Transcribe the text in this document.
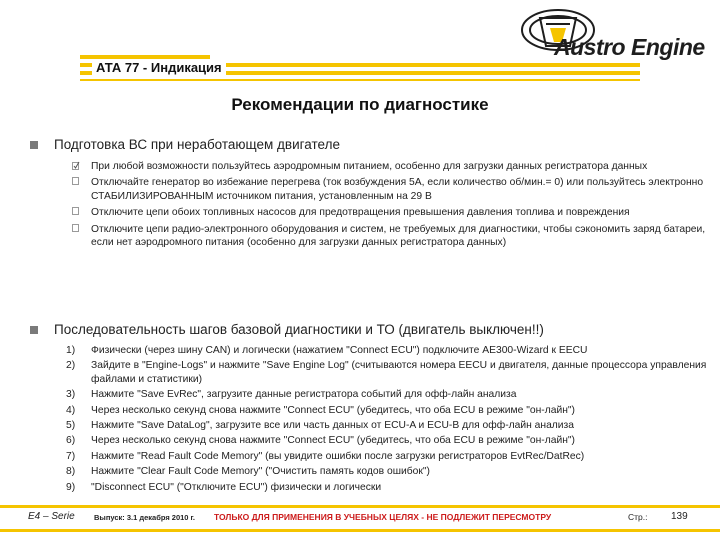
Austro Engine
АТА 77 - Индикация
Рекомендации по диагностике
Подготовка ВС при неработающем двигателе
При любой возможности пользуйтесь аэродромным питанием, особенно для загрузки данных регистратора данных
Отключайте генератор во избежание перегрева (ток возбуждения 5А, если количество об/мин.= 0) или пользуйтесь электронно СТАБИЛИЗИРОВАННЫМ источником питания, установленным на 29 В
Отключите цепи обоих топливных насосов для предотвращения превышения давления топлива и повреждения
Отключите цепи радио-электронного оборудования и систем, не требуемых для диагностики, чтобы сэкономить заряд батареи, если нет аэродромного питания (особенно для загрузки данных регистратора данных)
Последовательность шагов базовой диагностики и ТО (двигатель выключен!!)
1) Физически (через шину CAN) и логически (нажатием "Connect ECU") подключите AE300-Wizard к EECU
2) Зайдите в "Engine-Logs" и нажмите "Save Engine Log" (считываются номера EECU и двигателя, данные процессора управления файлами и статистики)
3) Нажмите "Save EvRec", загрузите данные регистратора событий для офф-лайн анализа
4) Через несколько секунд снова нажмите "Connect ECU" (убедитесь, что оба ECU в режиме "он-лайн")
5) Нажмите "Save DataLog", загрузите все или часть данных от ECU-A и ECU-B для офф-лайн анализа
6) Через несколько секунд снова нажмите "Connect ECU" (убедитесь, что оба ECU в режиме "он-лайн")
7) Нажмите "Read Fault Code Memory" (вы увидите ошибки после загрузки регистраторов EvtRec/DatRec)
8) Нажмите "Clear Fault Code Memory" ("Очистить память кодов ошибок")
9) "Disconnect ECU" ("Отключите ECU") физически и логически
E4 – Serie	Выпуск: 3.1 декабря 2010 г. ТОЛЬКО ДЛЯ ПРИМЕНЕНИЯ В УЧЕБНЫХ ЦЕЛЯХ - НЕ ПОДЛЕЖИТ ПЕРЕСМОТРУ	Стр.: 139
